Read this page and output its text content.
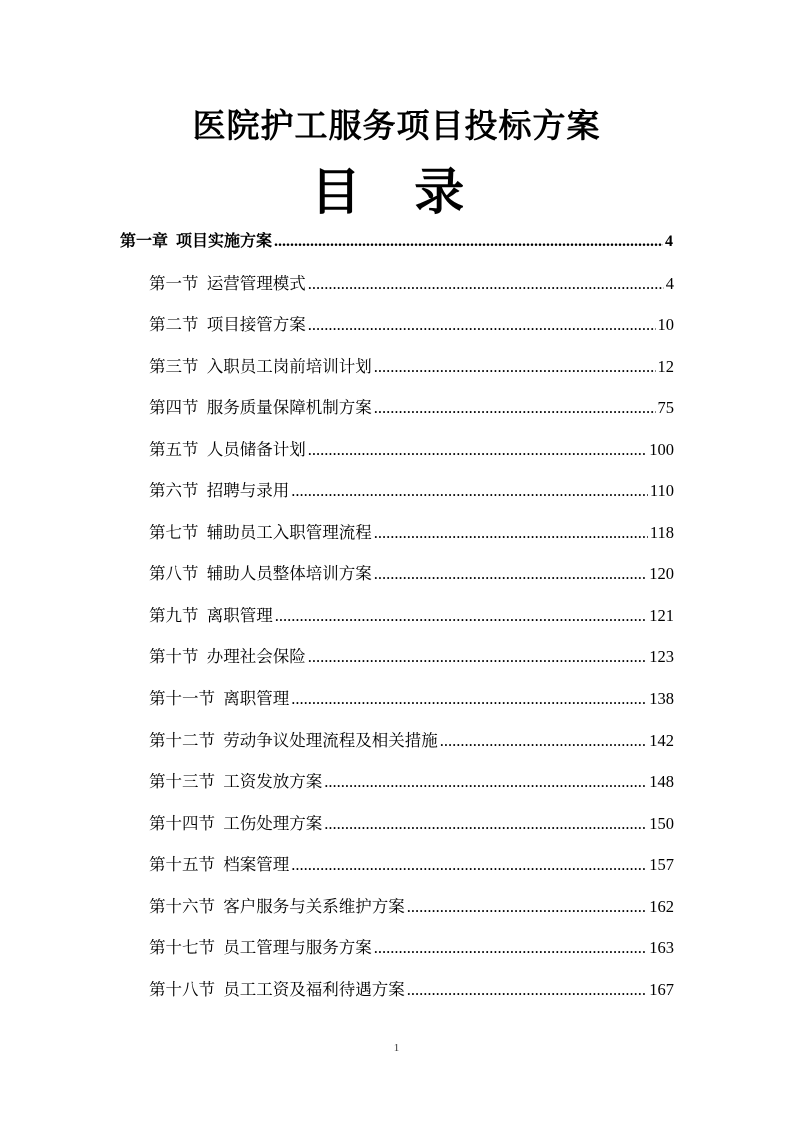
医院护工服务项目投标方案
目 录
第一章  项目实施方案 .....	4
第一节  运营管理模式 .....	4
第二节  项目接管方案 .....	10
第三节  入职员工岗前培训计划 .....	12
第四节  服务质量保障机制方案 .....	75
第五节  人员储备计划 .....	100
第六节  招聘与录用 .....	110
第七节  辅助员工入职管理流程 .....	118
第八节  辅助人员整体培训方案 .....	120
第九节  离职管理 .....	121
第十节  办理社会保险 .....	123
第十一节  离职管理 .....	138
第十二节  劳动争议处理流程及相关措施 .....	142
第十三节  工资发放方案 .....	148
第十四节  工伤处理方案 .....	150
第十五节  档案管理 .....	157
第十六节  客户服务与关系维护方案 .....	162
第十七节  员工管理与服务方案 .....	163
第十八节  员工工资及福利待遇方案 .....	167
1
